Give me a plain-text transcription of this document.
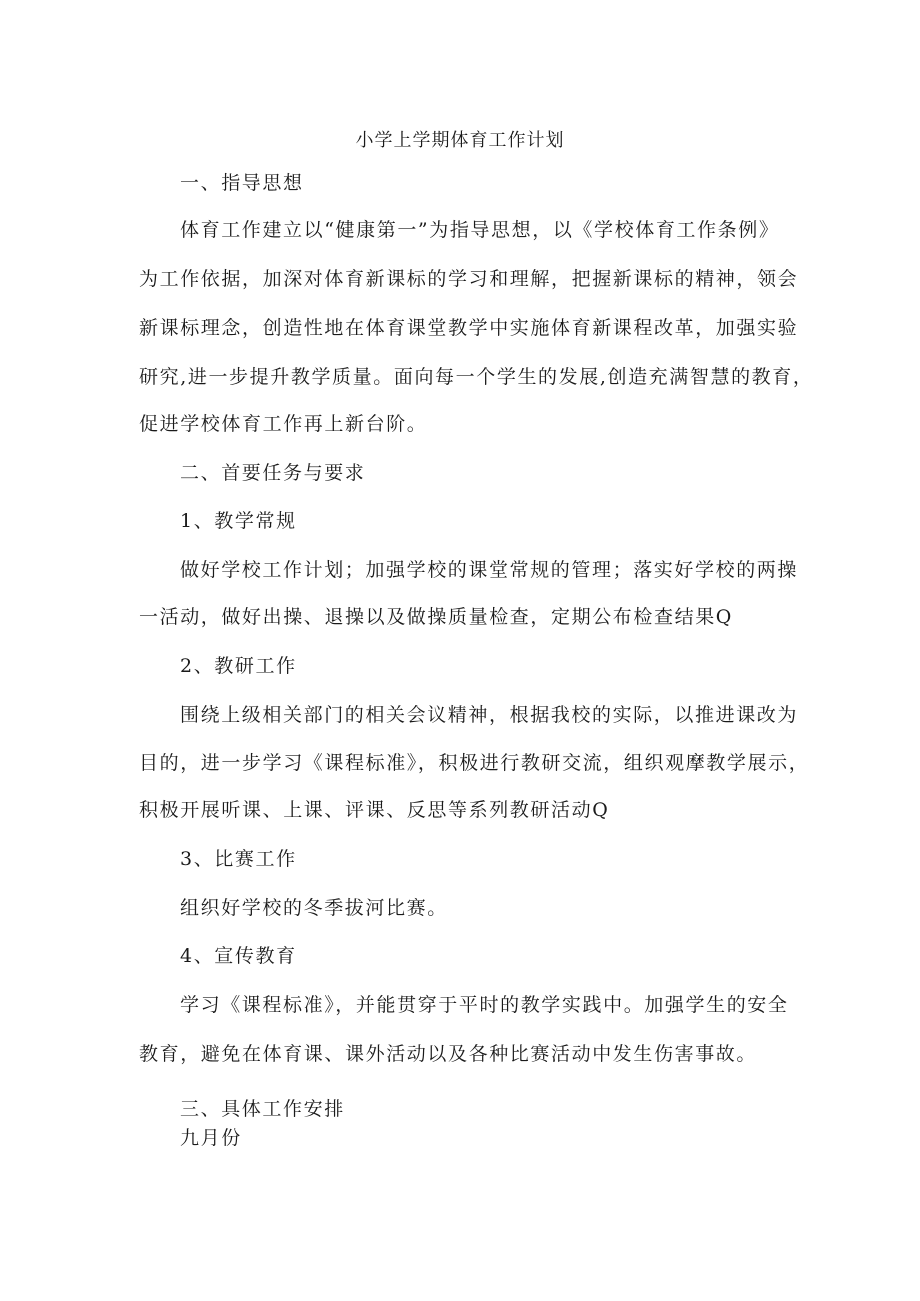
小学上学期体育工作计划
一、指导思想
体育工作建立以“健康第一”为指导思想，以《学校体育工作条例》
为工作依据，加深对体育新课标的学习和理解，把握新课标的精神，领会
新课标理念，创造性地在体育课堂教学中实施体育新课程改革，加强实验
研究,进一步提升教学质量。面向每一个学生的发展,创造充满智慧的教育，
促进学校体育工作再上新台阶。
二、首要任务与要求
1、教学常规
做好学校工作计划；加强学校的课堂常规的管理；落实好学校的两操
一活动，做好出操、退操以及做操质量检查，定期公布检查结果Q
2、教研工作
围绕上级相关部门的相关会议精神，根据我校的实际，以推进课改为
目的，进一步学习《课程标准》，积极进行教研交流，组织观摩教学展示，
积极开展听课、上课、评课、反思等系列教研活动Q
3、比赛工作
组织好学校的冬季拔河比赛。
4、宣传教育
学习《课程标准》，并能贯穿于平时的教学实践中。加强学生的安全
教育，避免在体育课、课外活动以及各种比赛活动中发生伤害事故。
三、具体工作安排
九月份
